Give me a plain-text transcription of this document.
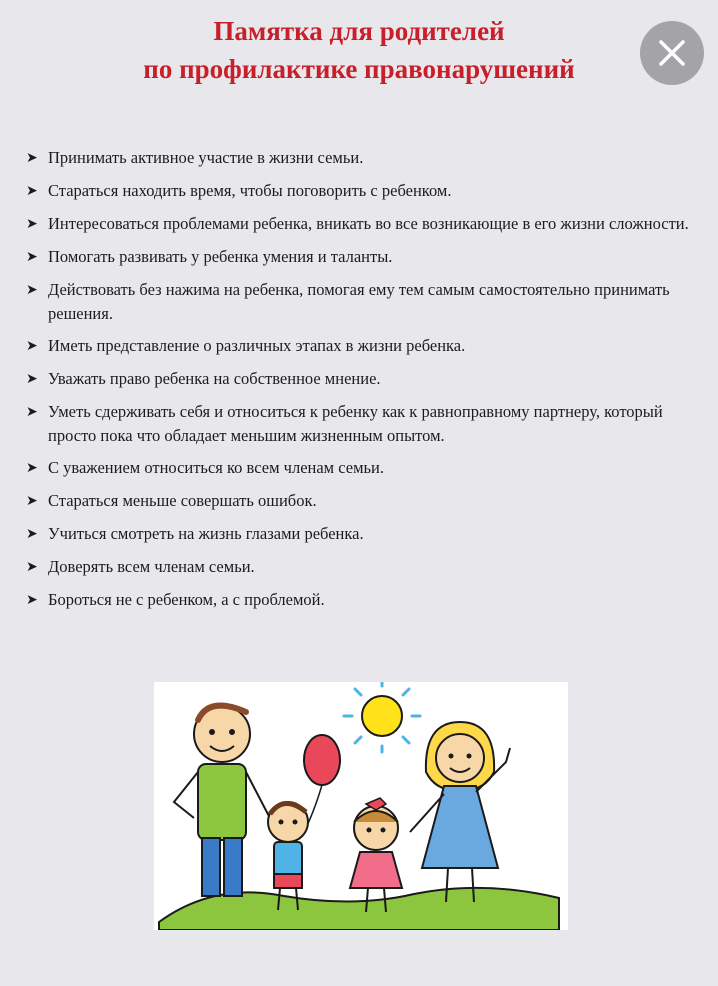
Памятка для родителей
по профилактике правонарушений
➤ Принимать активное участие в жизни семьи.
➤ Стараться находить время, чтобы поговорить с ребенком.
➤ Интересоваться проблемами ребенка, вникать во все возникающие в его жизни сложности.
➤ Помогать развивать у ребенка умения и таланты.
➤ Действовать без нажима на ребенка, помогая ему тем самым самостоятельно принимать решения.
➤ Иметь представление о различных этапах в жизни ребенка.
➤ Уважать право ребенка на собственное мнение.
➤ Уметь сдерживать себя и относиться к ребенку как к равноправному партнеру, который просто пока что обладает меньшим жизненным опытом.
➤ С уважением относиться ко всем членам семьи.
➤ Стараться меньше совершать ошибок.
➤ Учиться смотреть на жизнь глазами ребенка.
➤ Доверять всем членам семьи.
➤ Бороться не с ребенком, а с проблемой.
